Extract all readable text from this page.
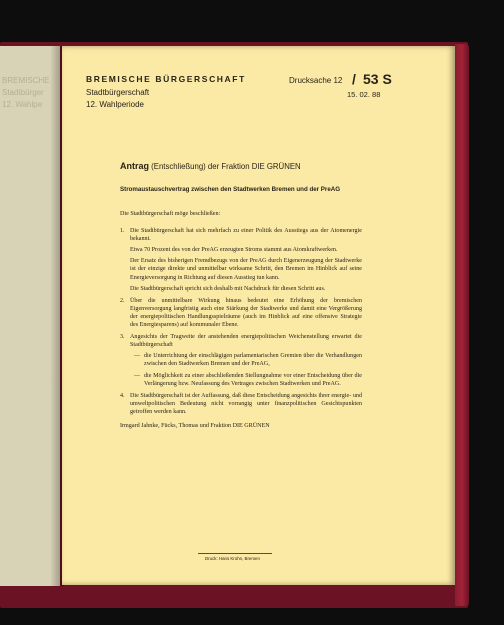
BREMISCHE
Stadtbürger
12. Wahlpe
BREMISCHE BÜRGERSCHAFT
Stadtbürgerschaft
12. Wahlperiode
Drucksache 12 / 53 S
15. 02. 88
Antrag (Entschließung) der Fraktion DIE GRÜNEN
Stromaustauschvertrag zwischen den Stadtwerken Bremen und der PreAG

Die Stadtbürgerschaft möge beschließen:

1. Die Stadtbürgerschaft hat sich mehrfach zu einer Politik des Ausstiegs aus der Atomenergie bekannt.

Etwa 70 Prozent des von der PreAG erzeugten Stroms stammt aus Atomkraftwerken.

Der Ersatz des bisherigen Fremdbezugs von der PreAG durch Eigenerzeugung der Stadtwerke ist der einzige direkte und unmittelbar wirksame Schritt, den Bremen im Hinblick auf seine Energieversorgung in Richtung auf diesen Ausstieg tun kann.

Die Stadtbürgerschaft spricht sich deshalb mit Nachdruck für diesen Schritt aus.

2. Über die unmittelbare Wirkung hinaus bedeutet eine Erhöhung der bremischen Eigenversorgung langfristig auch eine Stärkung der Stadtwerke und damit eine Vergrößerung der energiepolitischen Handlungsspielräume (auch im Hinblick auf eine offensive Strategie des Energiesparens) auf kommunaler Ebene.

3. Angesichts der Tragweite der anstehenden energiepolitischen Weichenstellung erwartet die Stadtbürgerschaft

— die Unterrichtung der einschlägigen parlamentarischen Gremien über die Verhandlungen zwischen den Stadtwerken Bremen und der PreAG,

— die Möglichkeit zu einer abschließenden Stellungnahme vor einer Entscheidung über die Verlängerung bzw. Neufassung des Vertrages zwischen Stadtwerken und PreAG.

4. Die Stadtbürgerschaft ist der Auffassung, daß diese Entscheidung angesichts ihrer energie- und umweltpolitischen Bedeutung nicht vorrangig unter finanzpolitischen Gesichtspunkten getroffen werden kann.

Irmgard Jahnke, Fücks, Thomas und Fraktion DIE GRÜNEN

Druck: Hans Krohn, Bremen
